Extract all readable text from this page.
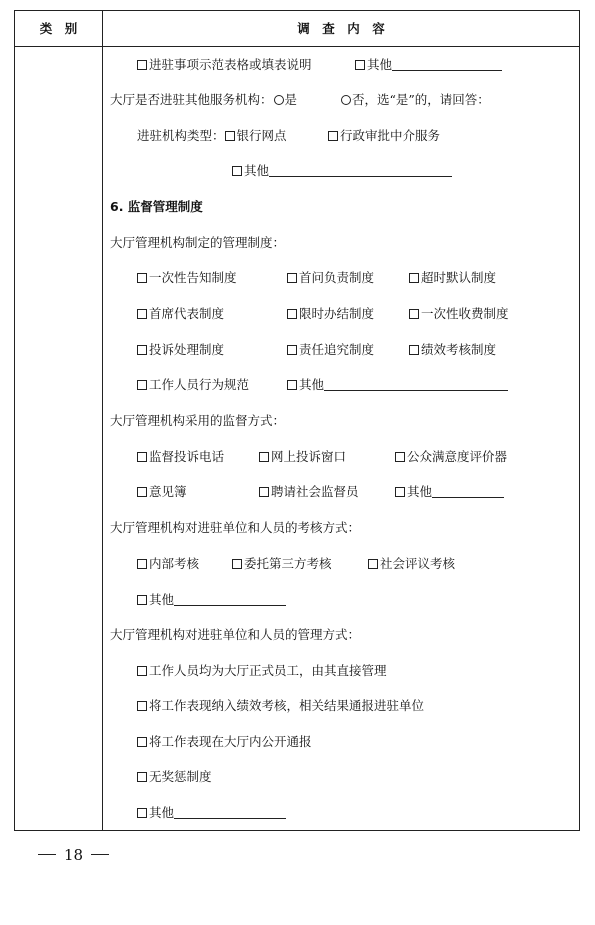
类　别	调　查　内　容
进驻事项示范表格或填表说明	其他
大厅是否进驻其他服务机构： 是	否，选“是”的，请回答：
进驻机构类型： 银行网点	行政审批中介服务
其他
6. 监督管理制度
大厅管理机构制定的管理制度：
一次性告知制度	首问负责制度	超时默认制度
首席代表制度	限时办结制度	一次性收费制度
投诉处理制度	责任追究制度	绩效考核制度
工作人员行为规范	其他
大厅管理机构采用的监督方式：
监督投诉电话	网上投诉窗口	公众满意度评价器
意见簿	聘请社会监督员	其他
大厅管理机构对进驻单位和人员的考核方式：
内部考核	委托第三方考核	社会评议考核
其他
大厅管理机构对进驻单位和人员的管理方式：
工作人员均为大厅正式员工，由其直接管理
将工作表现纳入绩效考核，相关结果通报进驻单位
将工作表现在大厅内公开通报
无奖惩制度
其他
18
